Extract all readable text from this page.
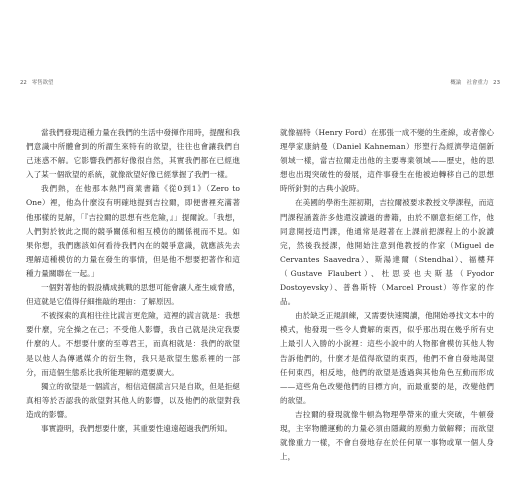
22 零售欲望

當我們發現這種力量在我們的生活中發揮作用時，提醒和我們意識中所體會到的所謂生來特有的欲望，往往也會讓我們自己迷惑不解。它影響我們都好像很自然，其實我們都在已經進入了某一個欲望的系統，就像欲望好像已經掌握了我們一樣。

我們熱，在他那本熱門商業書籍《從0到1》（Zero to One）裡，他為什麼沒有明確地提到吉拉爾，即便書裡充滿著他那樣的見解，「『吉拉爾的思想有些危險，』」提爾說。「我想，人們對於彼此之間的競爭關係和相互模仿的關係視而不見。如果你想，我們應該如何看待我們內在的競爭意識，就應該先去理解這種模仿的力量在發生的事情，但是他不想要把著作和這種力量關聯在一起。」

一個對著他的假設構成挑戰的思想可能會讓人產生威脅感，但這就是它值得仔細推敲的理由：了解原因。

不被探索的真相往往比謊言更危險，這裡的謊言就是：我想要什麼，完全操之在己；不受他人影響，我自己就是決定我要什麼的人。不想要什麼的至尊君王，而真相就是：我們的欲望是以他人為傳遞媒介的衍生物，我只是欲望生態系裡的一部分，而這個生態系比我所能理解的還要廣大。

獨立的欲望是一個謊言，相信這個謊言只是自欺，但是拒絕真相等於否認我的欲望對其他人的影響，以及他們的欲望對我造成的影響。

事實證明，我們想要什麼，其重要性遠遠超過我們所知。

概論　社會重力 23

就像福特（Henry Ford）在那張一成不變的生產線，或者像心理學家康納曼（Daniel Kahneman）形塑行為經濟學這個新領域一樣，當吉拉爾走出他的主要專業領域——歷史，他的思想也出現突破性的發展，這件事發生在他被迫轉移自己的思想時所針對的古典小說時。

在美國的學術生涯初期，吉拉爾被要求教授文學課程，而這門課程涵蓋許多他還沒讀過的書籍，由於不願意拒絕工作，他同意開授這門課，他通常是趕著在上課前把課程上的小說讀完，然後我授課，他開始注意到他教授的作家（Miguel de Cervantes Saavedra）、斯湯達爾（Stendhal）、福樓拜（Gustave Flaubert）、杜思妥也夫斯基（Fyodor Dostoyevsky）、普魯斯特（Marcel Proust）等作家的作品。

由於缺乏正規訓練，又需要快速閱讀，他開始尋找文本中的模式，他發現一些令人費解的東西，似乎那出現在幾乎所有史上最引人入勝的小說裡：這些小說中的人物都會模仿其他人物告訴他們的，什麼才是值得欲望的東西，他們不會自發地渴望任何東西，相反地，他們的欲望是透過與其他角色互動而形成——這些角色改變他們的目標方向，而最重要的是，改變他們的欲望。

吉拉爾的發現就像牛頓為物理學帶來的重大突破，牛頓發現，主宰物體運動的力量必須由隱藏的原動力做解釋；而欲望就像重力一樣，不會自發地存在於任何單一事物或單一個人身上，
